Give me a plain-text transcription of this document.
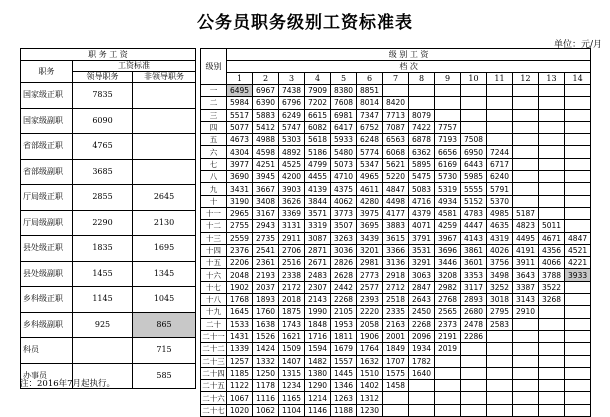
公务员职务级别工资标准表
单位：元/月
职 务 工 资		
职务	工资标准	
	领导职务	非领导职务
国家级正职	7835	
国家级副职	6090	
省部级正职	4765	
省部级副职	3685	
厅局级正职	2855	2645
厅局级副职	2290	2130
县处级正职	1835	1695
县处级副职	1455	1345
乡科级正职	1145	1045
乡科级副职	925	865
科员		715
办事员		585
级别	级 别 工 资													
	档 次													
	1	2	3	4	5	6	7	8	9	10	11	12	13	14
一	6495	6967	7438	7909	8380	8851								
二	5984	6390	6796	7202	7608	8014	8420							
三	5517	5883	6249	6615	6981	7347	7713	8079						
四	5077	5412	5747	6082	6417	6752	7087	7422	7757					
五	4673	4988	5303	5618	5933	6248	6563	6878	7193	7508				
六	4304	4598	4892	5186	5480	5774	6068	6362	6656	6950	7244			
七	3977	4251	4525	4799	5073	5347	5621	5895	6169	6443	6717			
八	3690	3945	4200	4455	4710	4965	5220	5475	5730	5985	6240			
九	3431	3667	3903	4139	4375	4611	4847	5083	5319	5555	5791			
十	3190	3408	3626	3844	4062	4280	4498	4716	4934	5152	5370			
十一	2965	3167	3369	3571	3773	3975	4177	4379	4581	4783	4985	5187		
十二	2755	2943	3131	3319	3507	3695	3883	4071	4259	4447	4635	4823	5011	
十三	2559	2735	2911	3087	3263	3439	3615	3791	3967	4143	4319	4495	4671	4847
十四	2376	2541	2706	2871	3036	3201	3366	3531	3696	3861	4026	4191	4356	4521
十五	2206	2361	2516	2671	2826	2981	3136	3291	3446	3601	3756	3911	4066	4221
十六	2048	2193	2338	2483	2628	2773	2918	3063	3208	3353	3498	3643	3788	3933
十七	1902	2037	2172	2307	2442	2577	2712	2847	2982	3117	3252	3387	3522	
十八	1768	1893	2018	2143	2268	2393	2518	2643	2768	2893	3018	3143	3268	
十九	1645	1760	1875	1990	2105	2220	2335	2450	2565	2680	2795	2910		
二十	1533	1638	1743	1848	1953	2058	2163	2268	2373	2478	2583			
二十一	1431	1526	1621	1716	1811	1906	2001	2096	2191	2286				
二十二	1339	1424	1509	1594	1679	1764	1849	1934	2019					
二十三	1257	1332	1407	1482	1557	1632	1707	1782						
二十四	1185	1250	1315	1380	1445	1510	1575	1640						
二十五	1122	1178	1234	1290	1346	1402	1458							
二十六	1067	1116	1165	1214	1263	1312								
二十七	1020	1062	1104	1146	1188	1230								
注：2016年7月起执行。
